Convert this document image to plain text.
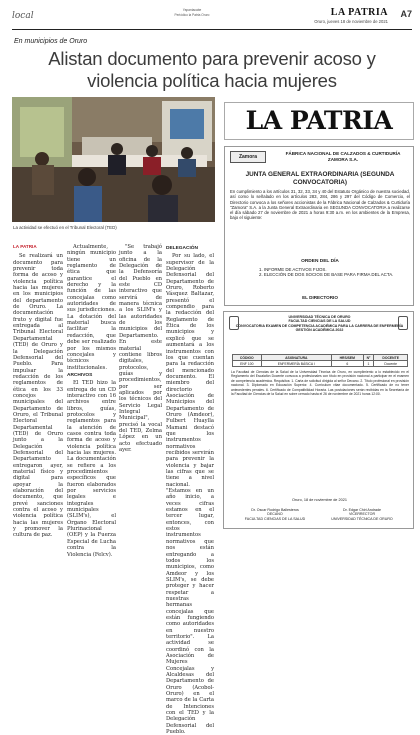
local
Yapantacabe
Periódico la Patria Oruro	LA PATRIA
Oruro, jueves 18 de noviembre de 2021
A7
En municipios de Oruro
Alistan documento para prevenir acoso y violencia política hacia mujeres
La actividad se efectuó en el Tribunal Electoral (TED)
LA PATRIA
Zamora
FÁBRICA NACIONAL DE CALZADOS & CURTIDURÍA ZAMORA S.A.
JUNTA GENERAL EXTRAORDINARIA (SEGUNDA CONVOCATORIA)
En cumplimiento a los artículos 31, 32, 33, 34 y 40 del Estatuto Orgánico de nuestra sociedad, así como lo señalado en los artículos 283, 284, 286 y 297 del Código de Comercio, el Directorio convoca a los señores accionistas de la Fábrica Nacional de Calzados & Curtiduría "Zamora" S.A. a la Junta General Extraordinaria en SEGUNDA CONVOCATORIA a realizarse el día sábado 27 de noviembre de 2021 a horas 9:30 a.m. en los ambientes de la Empresa, bajo el siguiente:
ORDEN DEL DÍA
1. INFORME DE ACTIVOS FIJOS.
2. ELECCIÓN DE DOS SOCIOS DE BASE PARA FIRMA DEL ACTA.
EL DIRECTORIO
LA PATRIA

Se realizará un documento para prevenir toda forma de acoso y violencia política hacia las mujeres en los municipios del departamento de Oruro. La documentación fruto y digital fue entregada al Tribunal Electoral Departamental (TED) de Oruro y la Delegación Defensorial del Pueblo. Para impulsar la redacción de los reglamentos de ética en los 33 concejos municipales del Departamento de Oruro, el Tribunal Electoral Departamental (TED) de Oruro junto a la Delegación Defensorial del Departamento entregaron ayer, material físico y digital para apoyar la elaboración del documento, que prevé sanciones contra el acoso y violencia política hacia las mujeres y promover la cultura de paz.

Actualmente, ningún municipio tiene un reglamento de ética que garantice el derecho y la función de las concejalas como autoridades de sus jurisdicciones. La dotación del material busca facilitar la redacción, que debe ser realizado por los mismos concejales y técnicos institucionales.

ARCHIVOS

El TED hizo la entrega de un CD interactivo con 16 archivos entre libros, guías, protocolos y reglamentos para la atención de casos contra toda forma de acoso y violencia política hacia las mujeres. La documentación se refiere a los procedimientos específicos que fueron elaborados por servicios legales e integrales municipales (SLIM's), el Órgano Electoral Plurinacional (OEP) y la Fuerza Especial de Lucha contra la Violencia (Felcv).

"Se trabajó junto a la oficina de la Delegación de la Defensoría del Pueblo en este CD interactivo que servirá de manera técnica a los SLIM's y las autoridades de los municipios del Departamento. En este material contiene libros digitales, protocolos, guías y procedimientos, por ser aplicados por los técnicos del Servicio Legal Integral Municipal", precisó la vocal del TED, Zelma López en un acto efectuado ayer.

DELEGACIÓN

Por su lado, el supervisor de la Delegación Defensorial del Departamento de Oruro, Roberto Vásquez Baltazar, presentó el compendio para la redacción del Reglamento de Ética de los municipios y explicó que se aumentará a los instrumentos con los que cuentan para la redacción del mencionado documento. El miembro del directorio Asociación de Municipios del Departamento de Oruro (Amdeor), Fulbert Huaylla Mamani destacó que los instrumentos normativos recibidos servirán para prevenir la violencia y bajar las cifras que se tiene a nivel nacional. "Estamos en un año inicio, a veces cifras estamos en el tercer lugar, entonces, con estos instrumentos normativos que nos están entregando a todos los municipios, como Amdeor y los SLIM's, se debe proteger y hacer respetar a nuestras hermanas concejalas que están fungiendo como autoridades en nuestro territorio". La actividad se coordinó con la Asociación de Mujeres Concejalas y Alcaldesas del Departamento de Oruro (Acobol-Oruro) en el marco de la Carta de Intenciones con el TED y la Delegación Defensorial del Pueblo.

UNIVERSIDAD TÉCNICA DE ORURO
FACULTAD CIENCIAS DE LA SALUD
CONVOCATORIA EXAMEN DE COMPETENCIA ACADÉMICA PARA LA CARRERA DE ENFERMERÍA
GESTIÓN ACADÉMICA 2022
CÓDIGO	ASIGNATURA	HRS/SEM	N°	DOCENTE
ENF 100	ENFERMERÍA BÁSICA I	6	1	Docente
La Facultad de Ciencias de la Salud de la Universidad Técnica de Oruro, en cumplimiento a lo establecido en el Reglamento del Escalafón Docente convoca a profesionales con título en provisión nacional a participar en el examen de competencia académica. Requisitos: 1. Carta de solicitud dirigida al señor Decano. 2. Título profesional en provisión nacional. 3. Diplomado en Educación Superior. 4. Curriculum vitae documentado. 5. Certificado de no tener antecedentes penales. 6. Certificado de Compatibilidad Horaria. Las postulaciones serán recibidas en la Secretaría de la Facultad de Ciencias de la Salud en sobre cerrado hasta el 26 de noviembre de 2021 horas 12:00.
Oruro, 18 de noviembre de 2021
Dr. Oscar Rodrigo Ballesteros
DECANO
FACULTAD CIENCIAS DE LA SALUD
Dr. Edgar Chiri Andrade
VICERRECTOR
UNIVERSIDAD TÉCNICA DE ORURO
